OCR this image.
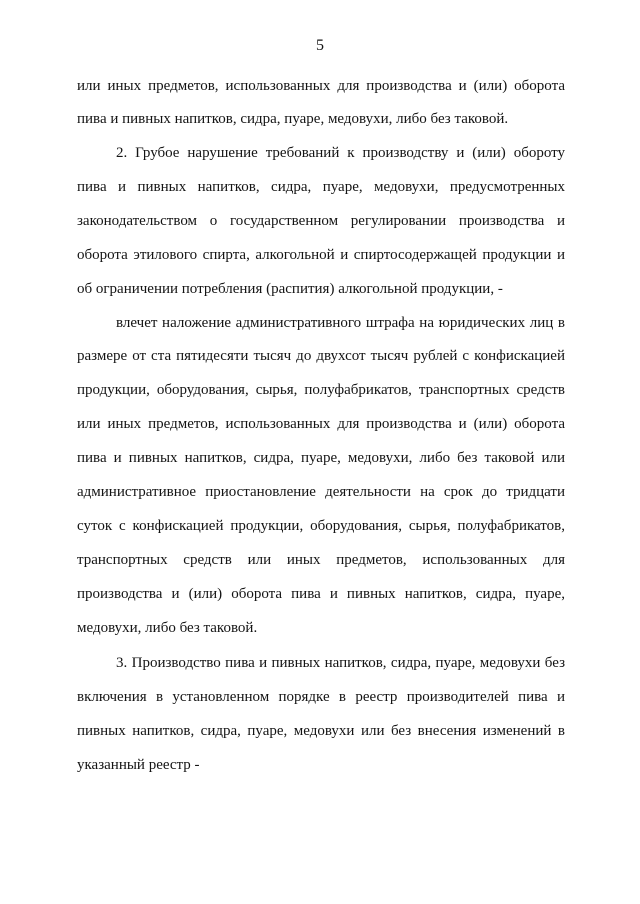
5
или иных предметов, использованных для производства и (или) оборота
пива и пивных напитков, сидра, пуаре, медовухи, либо без таковой.
2. Грубое нарушение требований к производству и (или) обороту
пива и пивных напитков, сидра, пуаре, медовухи, предусмотренных
законодательством о государственном регулировании производства и
оборота этилового спирта, алкогольной и спиртосодержащей продукции и
об ограничении потребления (распития) алкогольной продукции, -
влечет наложение административного штрафа на юридических лиц в
размере от ста пятидесяти тысяч до двухсот тысяч рублей с конфискацией
продукции, оборудования, сырья, полуфабрикатов, транспортных средств
или иных предметов, использованных для производства и (или) оборота
пива и пивных напитков, сидра, пуаре, медовухи, либо без таковой или
административное приостановление деятельности на срок до тридцати
суток с конфискацией продукции, оборудования, сырья, полуфабрикатов,
транспортных средств или иных предметов, использованных для
производства и (или) оборота пива и пивных напитков, сидра, пуаре,
медовухи, либо без таковой.
3. Производство пива и пивных напитков, сидра, пуаре, медовухи без
включения в установленном порядке в реестр производителей пива и
пивных напитков, сидра, пуаре, медовухи или без внесения изменений в
указанный реестр -
